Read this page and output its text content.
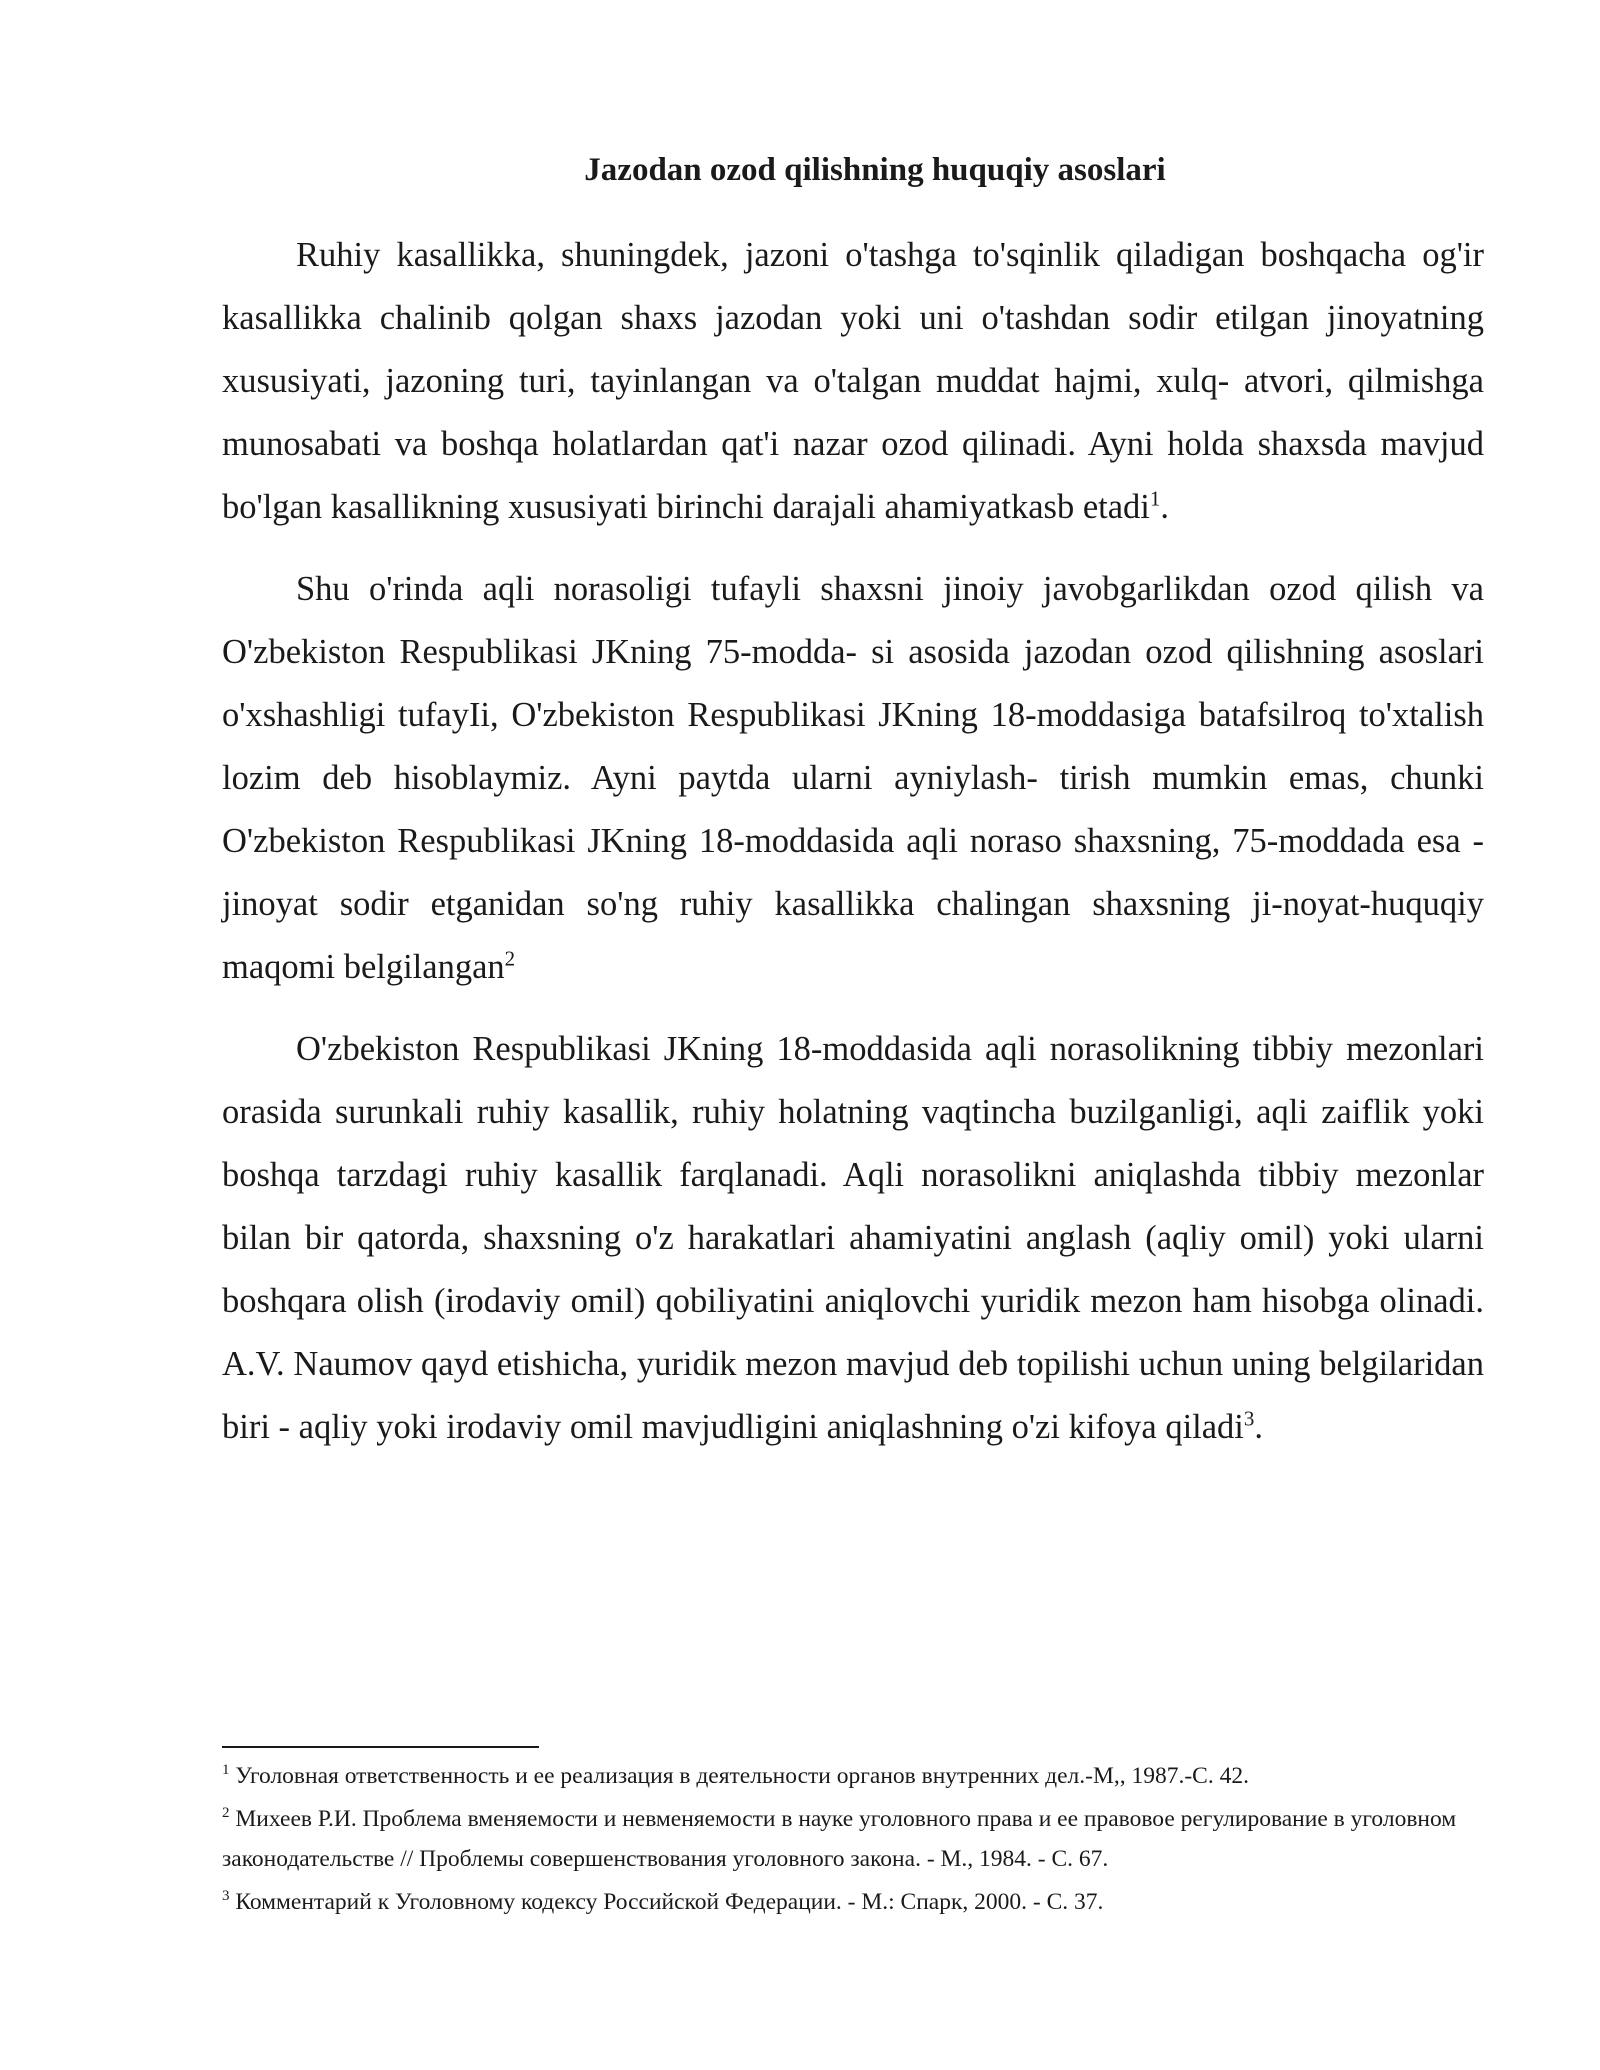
Jazodan ozod qilishning huquqiy asoslari

Ruhiy kasallikka, shuningdek, jazoni o'tashga to'sqinlik qiladigan boshqacha og'ir kasallikka chalinib qolgan shaxs jazodan yoki uni o'tashdan sodir etilgan jinoyatning xususiyati, jazoning turi, tayinlangan va o'talgan muddat hajmi, xulq- atvori, qilmishga munosabati va boshqa holatlardan qat'i nazar ozod qilinadi. Ayni holda shaxsda mavjud bo'lgan kasallikning xususiyati birinchi darajali ahamiyatkasb etadi$^1$.

Shu o'rinda aqli norasoligi tufayli shaxsni jinoiy javobgarlikdan ozod qilish va O'zbekiston Respublikasi JKning 75-modda- si asosida jazodan ozod qilishning asoslari o'xshashligi tufayIi, O'zbekiston Respublikasi JKning 18-moddasiga batafsilroq to'xtalish lozim deb hisoblaymiz. Ayni paytda ularni ayniylash- tirish mumkin emas, chunki O'zbekiston Respublikasi JKning 18-moddasida aqli noraso shaxsning, 75-moddada esa - jinoyat sodir etganidan so'ng ruhiy kasallikka chalingan shaxsning ji-noyat-huquqiy maqomi belgilangan$^2$

O'zbekiston Respublikasi JKning 18-moddasida aqli norasolikning tibbiy mezonlari orasida surunkali ruhiy kasallik, ruhiy holatning vaqtincha buzilganligi, aqli zaiflik yoki boshqa tarzdagi ruhiy kasallik farqlanadi. Aqli norasolikni aniqlashda tibbiy mezonlar bilan bir qatorda, shaxsning o'z harakatlari ahamiyatini anglash (aqliy omil) yoki ularni boshqara olish (irodaviy omil) qobiliyatini aniqlovchi yuridik mezon ham hisobga olinadi. A.V. Naumov qayd etishicha, yuridik mezon mavjud deb topilishi uchun uning belgilaridan biri - aqliy yoki irodaviy omil mavjudligini aniqlashning o'zi kifoya qiladi$^3$.

$^1$ Уголовная ответственность и ее реализация в деятельности органов внутренних дел.-М,, 1987.-С. 42.

$^2$ Михеев Р.И. Проблема вменяемости и невменяемости в науке уголовного права и ее правовое регулирование в уголовном законодательстве // Проблемы совершенствования уголовного закона. - М., 1984. - С. 67.

$^3$ Комментарий к Уголовному кодексу Российской Федерации. - М.: Спарк, 2000. - С. 37.
